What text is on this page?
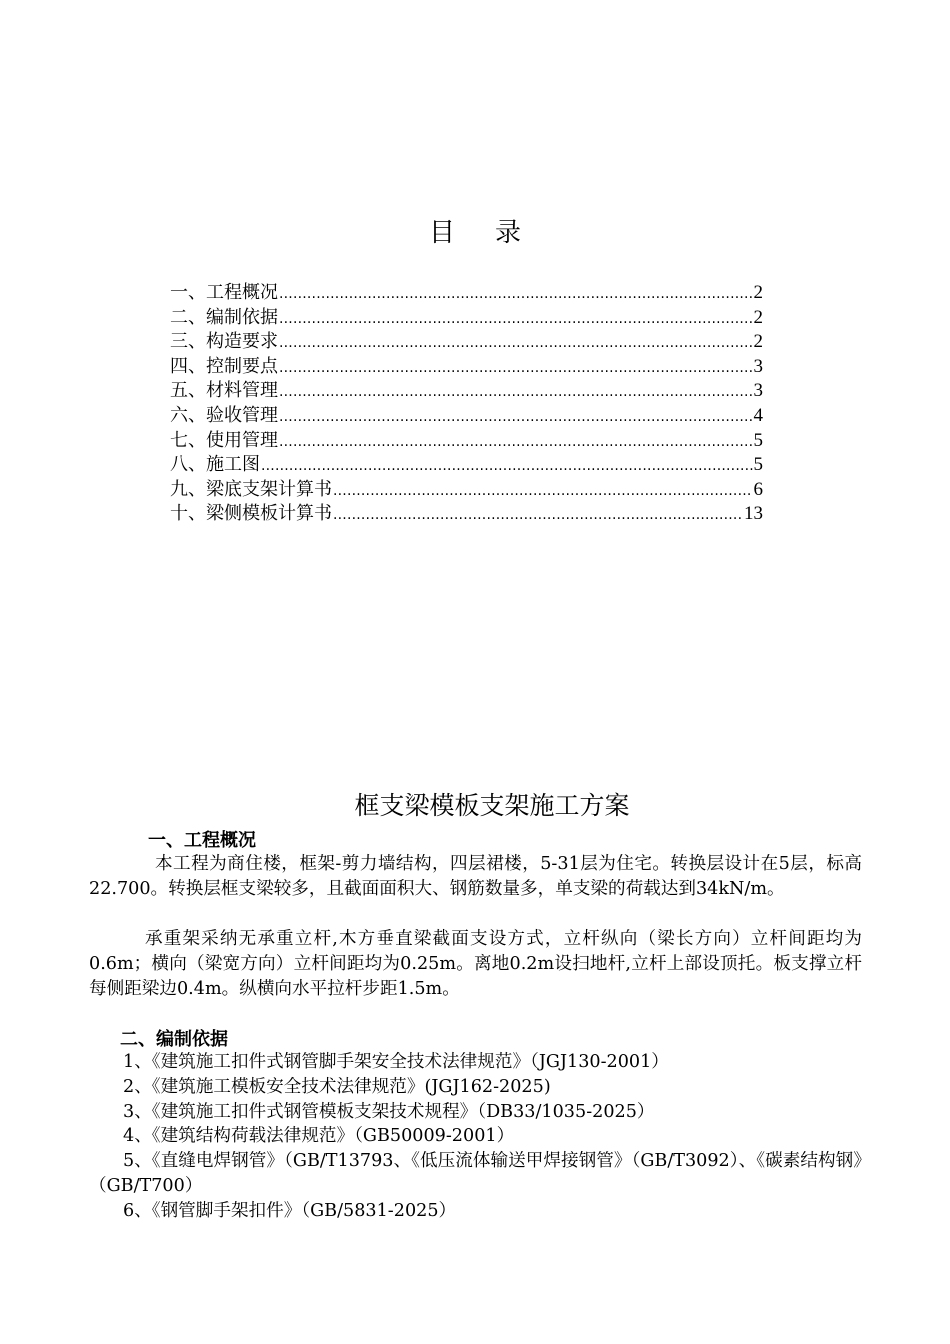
目 录
一、工程概况 .....	2
二、编制依据 .....	2
三、构造要求 .....	2
四、控制要点 .....	3
五、材料管理 .....	3
六、验收管理 .....	4
七、使用管理 .....	5
八、施工图 .....	5
九、梁底支架计算书 .....	6
十、梁侧模板计算书 .....	13
框支梁模板支架施工方案
一、工程概况
本工程为商住楼，框架-剪力墙结构，四层裙楼，5-31层为住宅。转换层设计在5层，标高22.700。转换层框支梁较多，且截面面积大、钢筋数量多，单支梁的荷载达到34kN/m。
承重架采纳无承重立杆,木方垂直梁截面支设方式，立杆纵向（梁长方向）立杆间距均为0.6m；横向（梁宽方向）立杆间距均为0.25m。离地0.2m设扫地杆,立杆上部设顶托。板支撑立杆每侧距梁边0.4m。纵横向水平拉杆步距1.5m。
二、编制依据
1、《建筑施工扣件式钢管脚手架安全技术法律规范》（JGJ130-2001）
2、《建筑施工模板安全技术法律规范》(JGJ162-2025)
3、《建筑施工扣件式钢管模板支架技术规程》（DB33/1035-2025）
4、《建筑结构荷载法律规范》（GB50009-2001）
5、《直缝电焊钢管》（GB/T13793、《低压流体输送甲焊接钢管》（GB/T3092）、《碳素结构钢》（GB/T700）
6、《钢管脚手架扣件》（GB/5831-2025）
